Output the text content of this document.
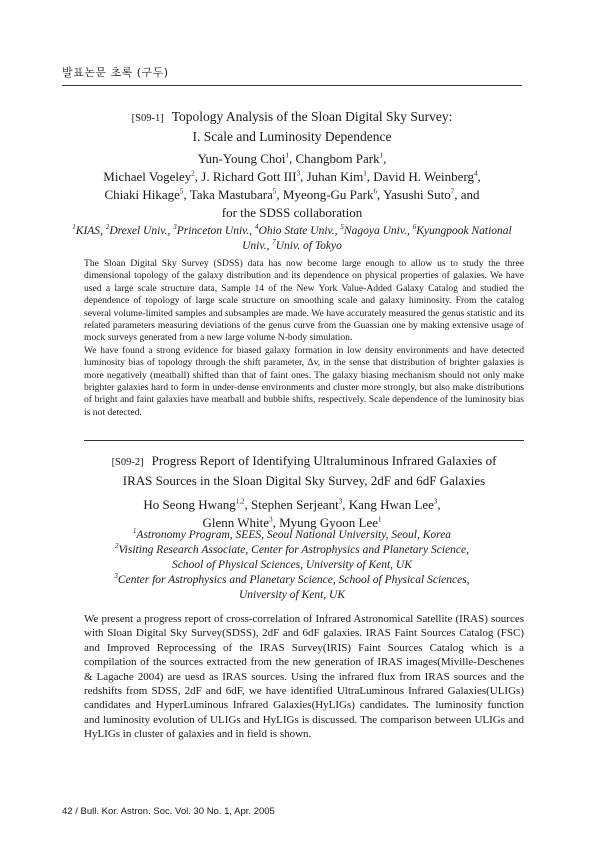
발표논문 초록 (구두)
[S09-1] Topology Analysis of the Sloan Digital Sky Survey:
I. Scale and Luminosity Dependence
Yun-Young Choi$^1$, Changbom Park$^1$,
Michael Vogeley$^2$, J. Richard Gott III$^3$, Juhan Kim$^1$, David H. Weinberg$^4$,
Chiaki Hikage$^5$, Taka Mastubara$^5$, Myeong-Gu Park$^6$, Yasushi Suto$^7$, and
for the SDSS collaboration
$^1$KIAS, $^2$Drexel Univ., $^3$Princeton Univ., $^4$Ohio State Univ., $^5$Nagoya Univ., $^6$Kyungpook National Univ., $^7$Univ. of Tokyo

The Sloan Digital Sky Survey (SDSS) data has now become large enough to allow us to study the three dimensional topology of the galaxy distribution and its dependence on physical properties of galaxies. We have used a large scale structure data, Sample 14 of the New York Value-Added Galaxy Catalog and studied the dependence of topology of large scale structure on smoothing scale and galaxy luminosity. From the catalog several volume-limited samples and subsamples are made. We have accurately measured the genus statistic and its related parameters measuring deviations of the genus curve from the Guassian one by making extensive usage of mock surveys generated from a new large volume N-body simulation.

We have found a strong evidence for biased galaxy formation in low density environments and have detected luminosity bias of topology through the shift parameter, Δv, in the sense that distribution of brighter galaxies is more negatively (meatball) shifted than that of faint ones. The galaxy biasing mechanism should not only make brighter galaxies hard to form in under-dense environments and cluster more strongly, but also make distributions of bright and faint galaxies have meatball and bubble shifts, respectively. Scale dependence of the luminosity bias is not detected.

[S09-2] Progress Report of Identifying Ultraluminous Infrared Galaxies of
IRAS Sources in the Sloan Digital Sky Survey, 2dF and 6dF Galaxies
Ho Seong Hwang$^{1,2}$, Stephen Serjeant$^3$, Kang Hwan Lee$^3$,
Glenn White$^3$, Myung Gyoon Lee$^1$
$^1$Astronomy Program, SEES, Seoul National University, Seoul, Korea
$^2$Visiting Research Associate, Center for Astrophysics and Planetary Science,
School of Physical Sciences, University of Kent, UK
$^3$Center for Astrophysics and Planetary Science, School of Physical Sciences,
University of Kent, UK

We present a progress report of cross-correlation of Infrared Astronomical Satellite (IRAS) sources with Sloan Digital Sky Survey(SDSS), 2dF and 6dF galaxies. IRAS Faint Sources Catalog (FSC) and Improved Reprocessing of the IRAS Survey(IRIS) Faint Sources Catalog which is a compilation of the sources extracted from the new generation of IRAS images(Miville-Deschenes & Lagache 2004) are uesd as IRAS sources. Using the infrared flux from IRAS sources and the redshifts from SDSS, 2dF and 6dF, we have identified UltraLuminous Infrared Galaxies(ULIGs) candidates and HyperLuminous Infrared Galaxies(HyLIGs) candidates. The luminosity function and luminosity evolution of ULIGs and HyLIGs is discussed. The comparison between ULIGs and HyLIGs in cluster of galaxies and in field is shown.

42 / Bull. Kor. Astron. Soc. Vol. 30 No. 1, Apr. 2005
